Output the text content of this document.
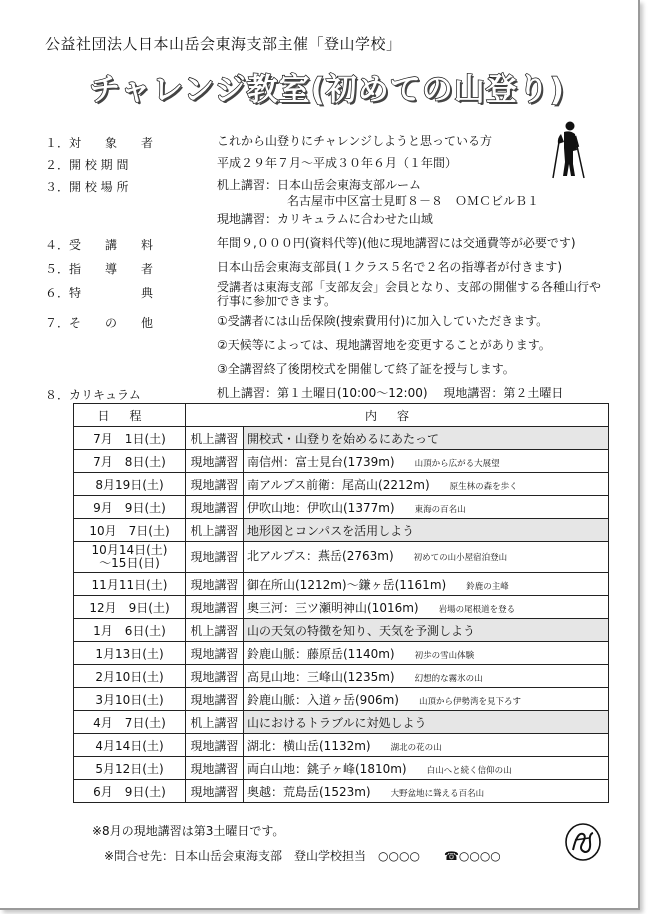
公益社団法人日本山岳会東海支部主催「登山学校」
チャレンジ教室(初めての山登り)
１．対　　象　　者	これから山登りにチャレンジしようと思っている方
２．開 校 期 間	平成２９年７月～平成３０年６月（１年間）
３．開 校 場 所	机上講習：日本山岳会東海支部ルーム
名古屋市中区富士見町８－８　ＯＭＣビルＢ１
現地講習：カリキュラムに合わせた山域
４．受　　講　　料	年間９,０００円(資料代等)(他に現地講習には交通費等が必要です)
５．指　　導　　者	日本山岳会東海支部員(１クラス５名で２名の指導者が付きます)
６．特　　　　　典	受講者は東海支部「支部友会」会員となり、支部の開催する各種山行や行事に参加できます。
７．そ　　の　　他	①受講者には山岳保険(捜索費用付)に加入していただきます。
②天候等によっては、現地講習地を変更することがあります。
③全講習終了後閉校式を開催して終了証を授与します。
８．カリキュラム	机上講習：第１土曜日(10:00～12:00)　 現地講習：第２土曜日
日程	内容	
7月　1日(土)	机上講習	開校式・山登りを始めるにあたって
7月　8日(土)	現地講習	南信州：富士見台(1739m) 山頂から広がる大展望
8月19日(土)	現地講習	南アルプス前衛：尾高山(2212m) 原生林の森を歩く
9月　9日(土)	現地講習	伊吹山地：伊吹山(1377m) 東海の百名山
10月　7日(土)	机上講習	地形図とコンパスを活用しよう
10月14日(土)
～15日(日)	現地講習	北アルプス：燕岳(2763m) 初めての山小屋宿泊登山
11月11日(土)	現地講習	御在所山(1212m)～鎌ヶ岳(1161m) 鈴鹿の主峰
12月　9日(土)	現地講習	奥三河：三ツ瀬明神山(1016m) 岩場の尾根道を登る
1月　6日(土)	机上講習	山の天気の特徴を知り、天気を予測しよう
1月13日(土)	現地講習	鈴鹿山脈：藤原岳(1140m) 初歩の雪山体験
2月10日(土)	現地講習	高見山地：三峰山(1235m) 幻想的な霧氷の山
3月10日(土)	現地講習	鈴鹿山脈：入道ヶ岳(906m) 山頂から伊勢湾を見下ろす
4月　7日(土)	机上講習	山におけるトラブルに対処しよう
4月14日(土)	現地講習	湖北：横山岳(1132m) 湖北の花の山
5月12日(土)	現地講習	両白山地：銚子ヶ峰(1810m) 白山へと続く信仰の山
6月　9日(土)	現地講習	奥越：荒島岳(1523m) 大野盆地に聳える百名山
※8月の現地講習は第3土曜日です。
※問合せ先：日本山岳会東海支部　登山学校担当　○○○○　　☎○○○○
